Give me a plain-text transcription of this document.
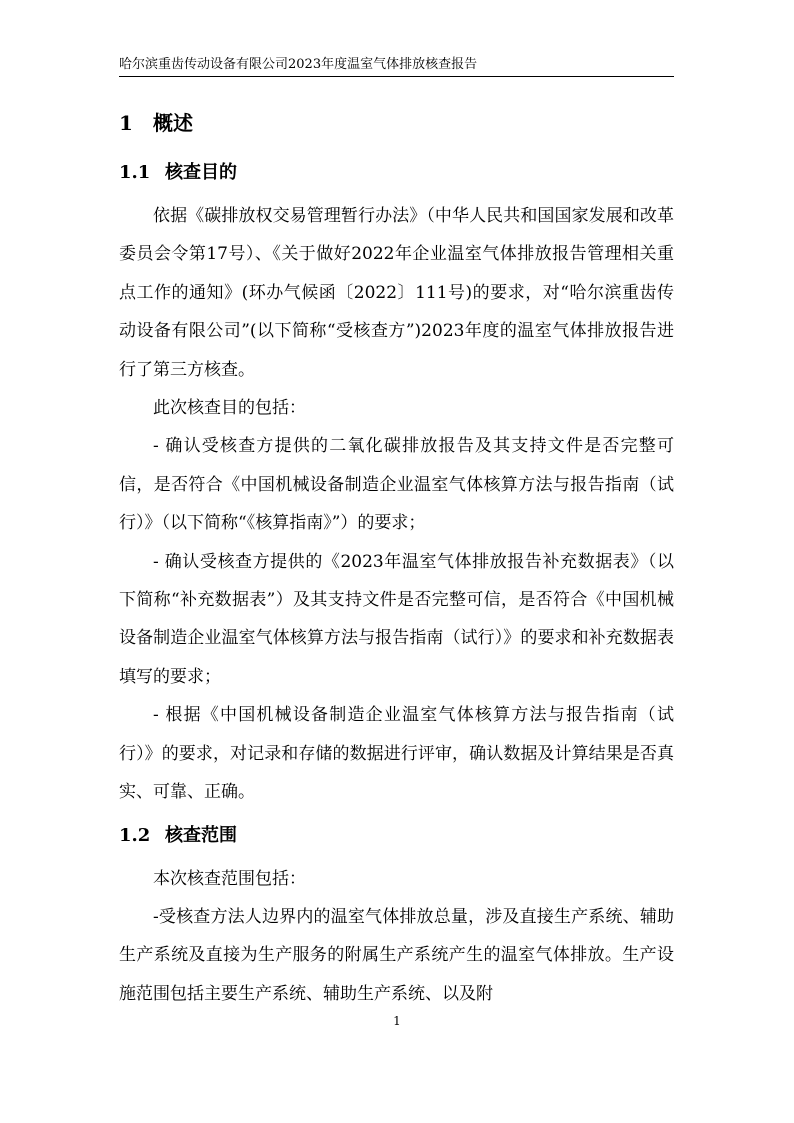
哈尔滨重齿传动设备有限公司2023年度温室气体排放核查报告
1 概述
1.1 核查目的

依据《碳排放权交易管理暂行办法》（中华人民共和国国家发展和改革委员会令第17号）、《关于做好2022年企业温室气体排放报告管理相关重点工作的通知》(环办气候函〔2022〕111号)的要求，对“哈尔滨重齿传动设备有限公司”(以下简称“受核查方”)2023年度的温室气体排放报告进行了第三方核查。

此次核查目的包括：

- 确认受核查方提供的二氧化碳排放报告及其支持文件是否完整可信，是否符合《中国机械设备制造企业温室气体核算方法与报告指南（试行）》（以下简称“《核算指南》”）的要求；

- 确认受核查方提供的《2023年温室气体排放报告补充数据表》（以下简称“补充数据表”）及其支持文件是否完整可信，是否符合《中国机械设备制造企业温室气体核算方法与报告指南（试行）》的要求和补充数据表填写的要求；

- 根据《中国机械设备制造企业温室气体核算方法与报告指南（试行）》的要求，对记录和存储的数据进行评审，确认数据及计算结果是否真实、可靠、正确。

1.2 核查范围

本次核查范围包括：

-受核查方法人边界内的温室气体排放总量，涉及直接生产系统、辅助生产系统及直接为生产服务的附属生产系统产生的温室气体排放。生产设施范围包括主要生产系统、辅助生产系统、以及附

1
